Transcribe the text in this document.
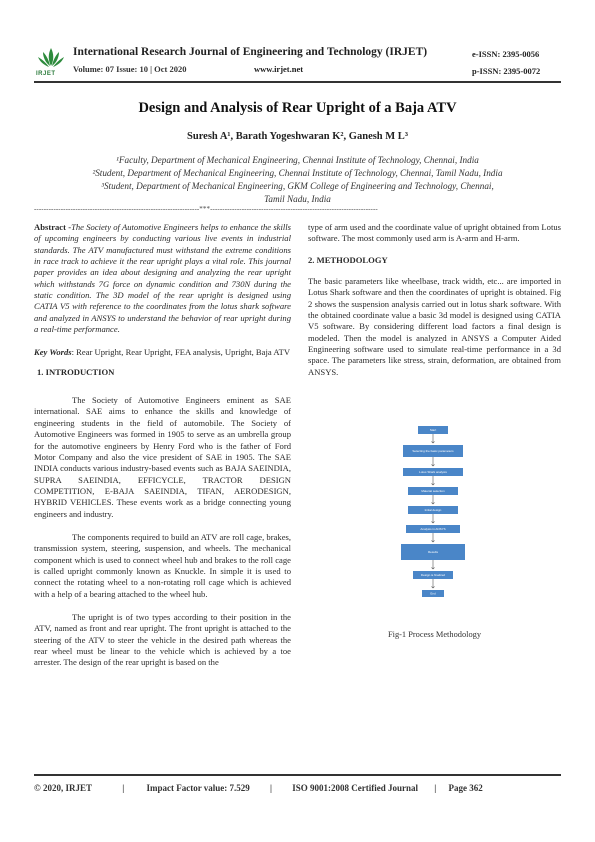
IRJET
International Research Journal of Engineering and Technology (IRJET)
Volume: 07 Issue: 10 | Oct 2020	www.irjet.net
e-ISSN: 2395-0056
p-ISSN: 2395-0072
Design and Analysis of Rear Upright of a Baja ATV
Suresh A¹, Barath Yogeshwaran K², Ganesh M L³
¹Faculty, Department of Mechanical Engineering, Chennai Institute of Technology, Chennai, India
²Student, Department of Mechanical Engineering, Chennai Institute of Technology, Chennai, Tamil Nadu, India
³Student, Department of Mechanical Engineering, GKM College of Engineering and Technology, Chennai,
Tamil Nadu, India
--------------------------------------------------------------------***---------------------------------------------------------------------

Abstract -The Society of Automotive Engineers helps to enhance the skills of upcoming engineers by conducting various live events in industrial standards. The ATV manufactured must withstand the extreme conditions in race track to achieve it the rear upright plays a vital role. This journal paper provides an idea about designing and analyzing the rear upright which withstands 7G force on dynamic condition and 730N during the static condition. The 3D model of the rear upright is designed using CATIA V5 with reference to the coordinates from the lotus shark software and analyzed in ANSYS to understand the behavior of rear upright during a real-time performance.

Key Words: Rear Upright, Rear Upright, FEA analysis, Upright, Baja ATV

1. INTRODUCTION

The Society of Automotive Engineers eminent as SAE international. SAE aims to enhance the skills and knowledge of engineering students in the field of automobile. The Society of Automotive Engineers was formed in 1905 to serve as an umbrella group for the automotive engineers by Henry Ford who is the father of Ford Motor Company and also the vice president of SAE in 1905. The SAE INDIA conducts various industry-based events such as BAJA SAEINDIA, SUPRA SAEINDIA, EFFICYCLE, TRACTOR DESIGN COMPETITION, E-BAJA SAEINDIA, TIFAN, AERODESIGN, HYBRID VEHICLES. These events work as a bridge connecting young engineers and industry.

The components required to build an ATV are roll cage, brakes, transmission system, steering, suspension, and wheels. The mechanical component which is used to connect wheel hub and brakes to the roll cage is called upright commonly known as Knuckle. In simple it is used to connect the rotating wheel to a non-rotating roll cage which is achieved with a help of a bearing attached to the wheel hub.

The upright is of two types according to their position in the ATV, named as front and rear upright. The front upright is attached to the steering of the ATV to steer the vehicle in the desired path whereas the rear wheel must be linear to the vehicle which is achieved by a toe arrester. The design of the rear upright is based on the

type of arm used and the coordinate value of upright obtained from Lotus software. The most commonly used arm is A-arm and H-arm.

2. METHODOLOGY

The basic parameters like wheelbase, track width, etc... are imported in Lotus Shark software and then the coordinates of upright is obtained. Fig 2 shows the suspension analysis carried out in lotus shark software. With the obtained coordinate value a basic 3d model is designed using CATIA V5 software. By considering different load factors a final design is modeled. Then the model is analyzed in ANSYS a Computer Aided Engineering software used to simulate real-time performance in a 3d space. The parameters like stress, strain, deformation, are obtained from ANSYS.

Start
Selecting the basic parameters
Lotus Shark analysis
Material selection
Initial design
Analysis in ANSYS
Results
Design is finalized
End
Fig-1 Process Methodology
© 2020, IRJET	| Impact Factor value: 7.529 | ISO 9001:2008 Certified Journal | Page 362
